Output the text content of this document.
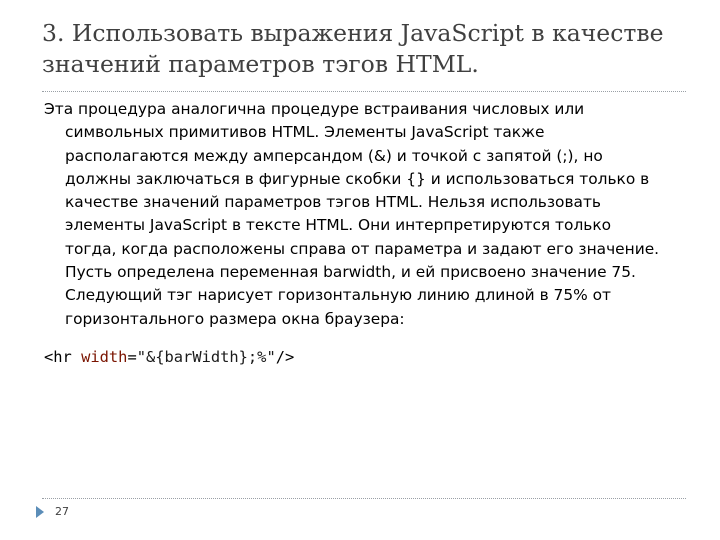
3. Использовать выражения JavaScript в качестве
значений параметров тэгов HTML.
Эта процедура аналогична процедуре встраивания числовых или
символьных примитивов HTML. Элементы JavaScript также
располагаются между амперсандом (&) и точкой с запятой (;), но
должны заключаться в фигурные скобки {} и использоваться только в
качестве значений параметров тэгов HTML. Нельзя использовать
элементы JavaScript в тексте HTML. Они интерпретируются только
тогда, когда расположены справа от параметра и задают его значение.
Пусть определена переменная barwidth, и ей присвоено значение 75.
Следующий тэг нарисует горизонтальную линию длиной в 75% от
горизонтального размера окна браузера:
<hr width="&{barWidth};%"/>
27
